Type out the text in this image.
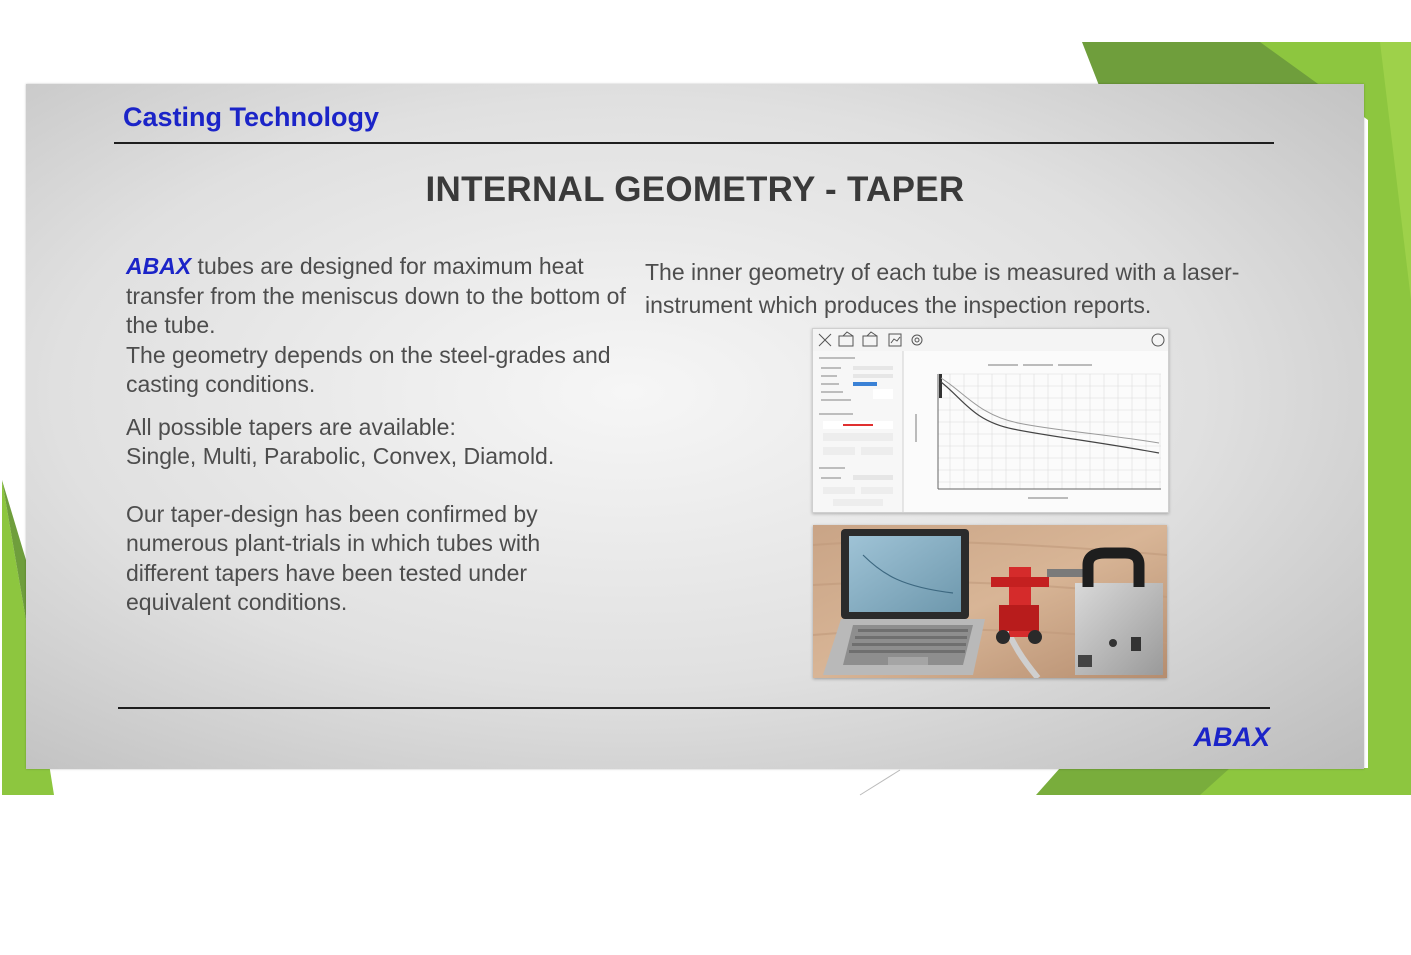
Casting Technology
INTERNAL GEOMETRY - TAPER

ABAX tubes are designed for maximum heat transfer from the meniscus down to the bottom of the tube.

The geometry depends on the steel-grades and casting conditions.

All possible tapers are available:

Single, Multi, Parabolic, Convex, Diamold.

Our taper-design has been confirmed by numerous plant-trials in which tubes with different tapers have been tested under equivalent conditions.

The inner geometry of each tube is measured with a laser-instrument which produces the inspection reports.

ABAX
